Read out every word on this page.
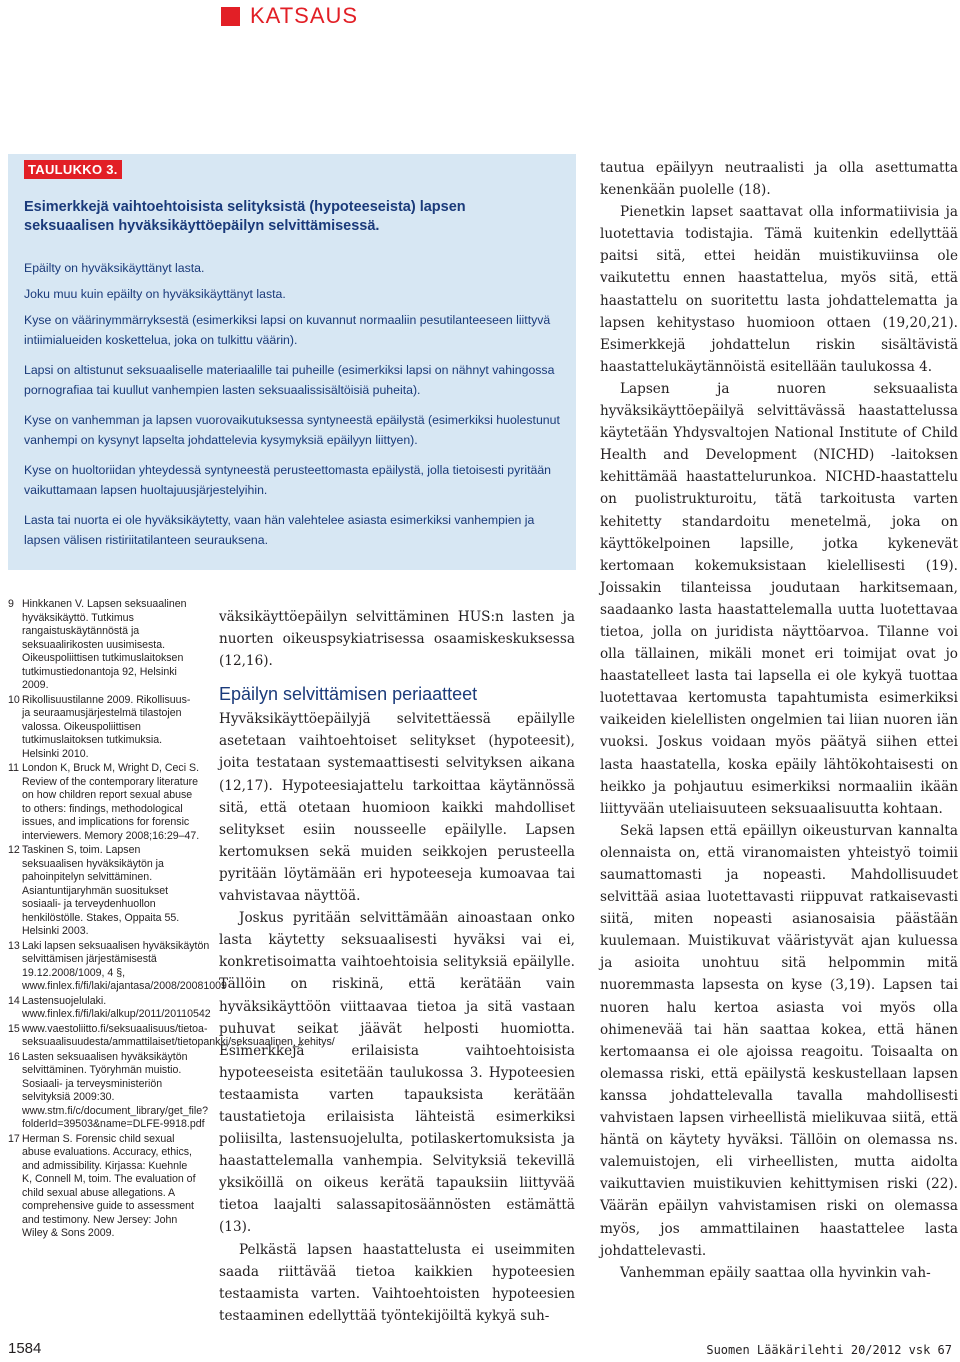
KATSAUS
TAULUKKO 3.
Esimerkkejä vaihtoehtoisista selityksistä (hypoteeseista) lapsen seksuaalisen hyväksikäyttöepäilyn selvittämisessä.

Epäilty on hyväksikäyttänyt lasta.

Joku muu kuin epäilty on hyväksikäyttänyt lasta.

Kyse on väärinymmärryksestä (esimerkiksi lapsi on kuvannut normaaliin pesutilanteeseen liittyvä intiimialueiden koskettelua, joka on tulkittu väärin).

Lapsi on altistunut seksuaaliselle materiaalille tai puheille (esimerkiksi lapsi on nähnyt vahingossa pornografiaa tai kuullut vanhempien lasten seksuaalissisältöisiä puheita).

Kyse on vanhemman ja lapsen vuorovaikutuksessa syntyneestä epäilystä (esimerkiksi huolestunut vanhempi on kysynyt lapselta johdattelevia kysymyksiä epäilyyn liittyen).

Kyse on huoltoriidan yhteydessä syntyneestä perusteettomasta epäilystä, jolla tietoisesti pyritään vaikuttamaan lapsen huoltajuusjärjestelyihin.

Lasta tai nuorta ei ole hyväksikäytetty, vaan hän valehtelee asiasta esimerkiksi vanhempien ja lapsen välisen ristiriitatilanteen seurauksena.

9 Hinkkanen V. Lapsen seksuaalinen hyväksikäyttö. Tutkimus rangaistuskäytännöstä ja seksuaalirikosten uusimisesta. Oikeuspoliittisen tutkimuslaitoksen tutkimustiedonantoja 92, Helsinki 2009.
10 Rikollisuustilanne 2009. Rikollisuus- ja seuraamusjärjestelmä tilastojen valossa. Oikeuspoliittisen tutkimuslaitoksen tutkimuksia. Helsinki 2010.
11 London K, Bruck M, Wright D, Ceci S. Review of the contemporary literature on how children report sexual abuse to others: findings, methodological issues, and implications for forensic interviewers. Memory 2008;16:29–47.
12 Taskinen S, toim. Lapsen seksuaalisen hyväksikäytön ja pahoinpitelyn selvittäminen. Asiantuntijaryhmän suositukset sosiaali- ja terveydenhuollon henkilöstölle. Stakes, Oppaita 55. Helsinki 2003.
13 Laki lapsen seksuaalisen hyväksikäytön selvittämisen järjestämisestä 19.12.2008/1009, 4 §, www.finlex.fi/fi/laki/ajantasa/2008/20081009
14 Lastensuojelulaki. www.finlex.fi/fi/laki/alkup/2011/20110542
15 www.vaestoliitto.fi/seksuaalisuus/tietoa-seksuaalisuudesta/ammattilaiset/tietopankki/seksuaalinen_kehitys/
16 Lasten seksuaalisen hyväksikäytön selvittäminen. Työryhmän muistio. Sosiaali- ja terveysministeriön selvityksiä 2009:30. www.stm.fi/c/document_library/get_file?folderId=39503&name=DLFE-9918.pdf
17 Herman S. Forensic child sexual abuse evaluations. Accuracy, ethics, and admissibility. Kirjassa: Kuehnle K, Connell M, toim. The evaluation of child sexual abuse allegations. A comprehensive guide to assessment and testimony. New Jersey: John Wiley & Sons 2009.

väksikäyttöepäilyn selvittäminen HUS:n lasten ja nuorten oikeuspsykiatrisessa osaamiskeskuksessa (12,16).

Epäilyn selvittämisen periaatteet

Hyväksikäyttöepäilyjä selvitettäessä epäilylle asetetaan vaihtoehtoiset selitykset (hypoteesit), joita testataan systemaattisesti selvityksen aikana (12,17). Hypoteesiajattelu tarkoittaa käytännössä sitä, että otetaan huomioon kaikki mahdolliset selitykset esiin nousseelle epäilylle. Lapsen kertomuksen sekä muiden seikkojen perusteella pyritään löytämään eri hypoteeseja kumoavaa tai vahvistavaa näyttöä.

Joskus pyritään selvittämään ainoastaan onko lasta käytetty seksuaalisesti hyväksi vai ei, konkretisoimatta vaihtoehtoisia selityksiä epäilylle. Tällöin on riskinä, että kerätään vain hyväksikäyttöön viittaavaa tietoa ja sitä vastaan puhuvat seikat jäävät helposti huomiotta. Esimerkkejä erilaisista vaihtoehtoisista hypoteeseista esitetään taulukossa 3. Hypoteesien testaamista varten tapauksista kerätään taustatietoja erilaisista lähteistä esimerkiksi poliisilta, lastensuojelulta, potilaskertomuksista ja haastattelemalla vanhempia. Selvityksiä tekevillä yksiköillä on oikeus kerätä tapauksiin liittyvää tietoa laajalti salassapitosäännösten estämättä (13).

Pelkästä lapsen haastattelusta ei useimmiten saada riittävää tietoa kaikkien hypoteesien testaamista varten. Vaihtoehtoisten hypoteesien testaaminen edellyttää työntekijöiltä kykyä suh-

tautua epäilyyn neutraalisti ja olla asettumatta kenenkään puolelle (18).

Pienetkin lapset saattavat olla informatiivisia ja luotettavia todistajia. Tämä kuitenkin edellyttää paitsi sitä, ettei heidän muistikuviinsa ole vaikutettu ennen haastattelua, myös sitä, että haastattelu on suoritettu lasta johdattelematta ja lapsen kehitystaso huomioon ottaen (19,20,21). Esimerkkejä johdattelun riskin sisältävistä haastattelukäytännöistä esitellään taulukossa 4.

Lapsen ja nuoren seksuaalista hyväksikäyttöepäilyä selvittävässä haastattelussa käytetään Yhdysvaltojen National Institute of Child Health and Development (NICHD) -laitoksen kehittämää haastattelurunkoa. NICHD-haastattelu on puolistrukturoitu, tätä tarkoitusta varten kehitetty standardoitu menetelmä, joka on käyttökelpoinen lapsille, jotka kykenevät kertomaan kokemuksistaan kielellisesti (19). Joissakin tilanteissa joudutaan harkitsemaan, saadaanko lasta haastattelemalla uutta luotettavaa tietoa, jolla on juridista näyttöarvoa. Tilanne voi olla tällainen, mikäli monet eri toimijat ovat jo haastatelleet lasta tai lapsella ei ole kykyä tuottaa luotettavaa kertomusta tapahtumista esimerkiksi vaikeiden kielellisten ongelmien tai liian nuoren iän vuoksi. Joskus voidaan myös päätyä siihen ettei lasta haastatella, koska epäily lähtökohtaisesti on heikko ja pohjautuu esimerkiksi normaaliin ikään liittyvään uteliaisuuteen seksuaalisuutta kohtaan.

Sekä lapsen että epäillyn oikeusturvan kannalta olennaista on, että viranomaisten yhteistyö toimii saumattomasti ja nopeasti. Mahdollisuudet selvittää asiaa luotettavasti riippuvat ratkaisevasti siitä, miten nopeasti asianosaisia päästään kuulemaan. Muistikuvat vääristyvät ajan kuluessa ja asioita unohtuu sitä helpommin mitä nuoremmasta lapsesta on kyse (3,19). Lapsen tai nuoren halu kertoa asiasta voi myös olla ohimenevää tai hän saattaa kokea, että hänen kertomaansa ei ole ajoissa reagoitu. Toisaalta on olemassa riski, että epäilystä keskustellaan lapsen kanssa johdattelevalla tavalla mahdollisesti vahvistaen lapsen virheellistä mielikuvaa siitä, että häntä on käytety hyväksi. Tällöin on olemassa ns. valemuistojen, eli virheellisten, mutta aidolta vaikuttavien muistikuvien kehittymisen riski (22). Väärän epäilyn vahvistamisen riski on olemassa myös, jos ammattilainen haastattelee lasta johdattelevasti.

Vanhemman epäily saattaa olla hyvinkin vah-

1584	Suomen Lääkärilehti 20/2012 vsk 67
